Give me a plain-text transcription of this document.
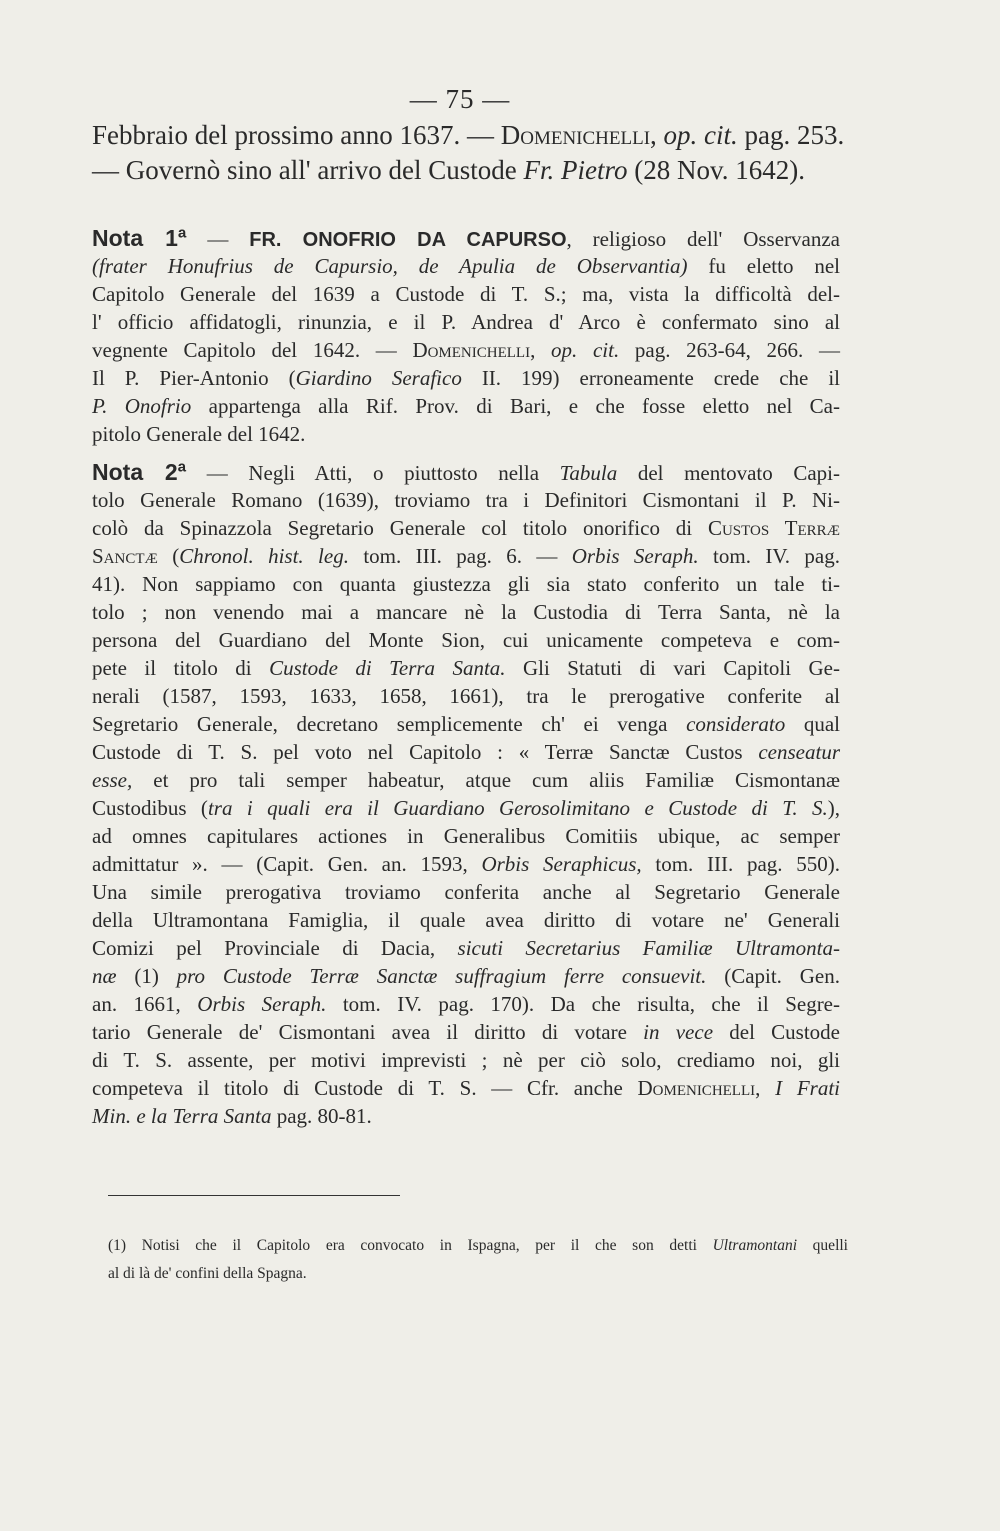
— 75 —
Febbraio del prossimo anno 1637. — Domenichelli, op. cit. pag. 253.
— Governò sino all' arrivo del Custode Fr. Pietro (28 Nov. 1642).
Nota 1ª — FR. ONOFRIO DA CAPURSO, religioso dell' Osservanza
(frater Honufrius de Capursio, de Apulia de Observantia) fu eletto nel
Capitolo Generale del 1639 a Custode di T. S.; ma, vista la difficoltà del-
l' officio affidatogli, rinunzia, e il P. Andrea d' Arco è confermato sino al
vegnente Capitolo del 1642. — Domenichelli, op. cit. pag. 263-64, 266. —
Il P. Pier-Antonio (Giardino Serafico II. 199) erroneamente crede che il
P. Onofrio appartenga alla Rif. Prov. di Bari, e che fosse eletto nel Ca-
pitolo Generale del 1642.
Nota 2ª — Negli Atti, o piuttosto nella Tabula del mentovato Capi-
tolo Generale Romano (1639), troviamo tra i Definitori Cismontani il P. Ni-
colò da Spinazzola Segretario Generale col titolo onorifico di Custos Terræ
Sanctæ (Chronol. hist. leg. tom. III. pag. 6. — Orbis Seraph. tom. IV. pag.
41). Non sappiamo con quanta giustezza gli sia stato conferito un tale ti-
tolo ; non venendo mai a mancare nè la Custodia di Terra Santa, nè la
persona del Guardiano del Monte Sion, cui unicamente competeva e com-
pete il titolo di Custode di Terra Santa. Gli Statuti di vari Capitoli Ge-
nerali (1587, 1593, 1633, 1658, 1661), tra le prerogative conferite al
Segretario Generale, decretano semplicemente ch' ei venga considerato qual
Custode di T. S. pel voto nel Capitolo : « Terræ Sanctæ Custos censeatur
esse, et pro tali semper habeatur, atque cum aliis Familiæ Cismontanæ
Custodibus (tra i quali era il Guardiano Gerosolimitano e Custode di T. S.),
ad omnes capitulares actiones in Generalibus Comitiis ubique, ac semper
admittatur ». — (Capit. Gen. an. 1593, Orbis Seraphicus, tom. III. pag. 550).
Una simile prerogativa troviamo conferita anche al Segretario Generale
della Ultramontana Famiglia, il quale avea diritto di votare ne' Generali
Comizi pel Provinciale di Dacia, sicuti Secretarius Familiæ Ultramonta-
næ (1) pro Custode Terræ Sanctæ suffragium ferre consuevit. (Capit. Gen.
an. 1661, Orbis Seraph. tom. IV. pag. 170). Da che risulta, che il Segre-
tario Generale de' Cismontani avea il diritto di votare in vece del Custode
di T. S. assente, per motivi imprevisti ; nè per ciò solo, crediamo noi, gli
competeva il titolo di Custode di T. S. — Cfr. anche Domenichelli, I Frati
Min. e la Terra Santa pag. 80-81.
(1) Notisi che il Capitolo era convocato in Ispagna, per il che son detti Ultramontani quelli
al di là de' confini della Spagna.
